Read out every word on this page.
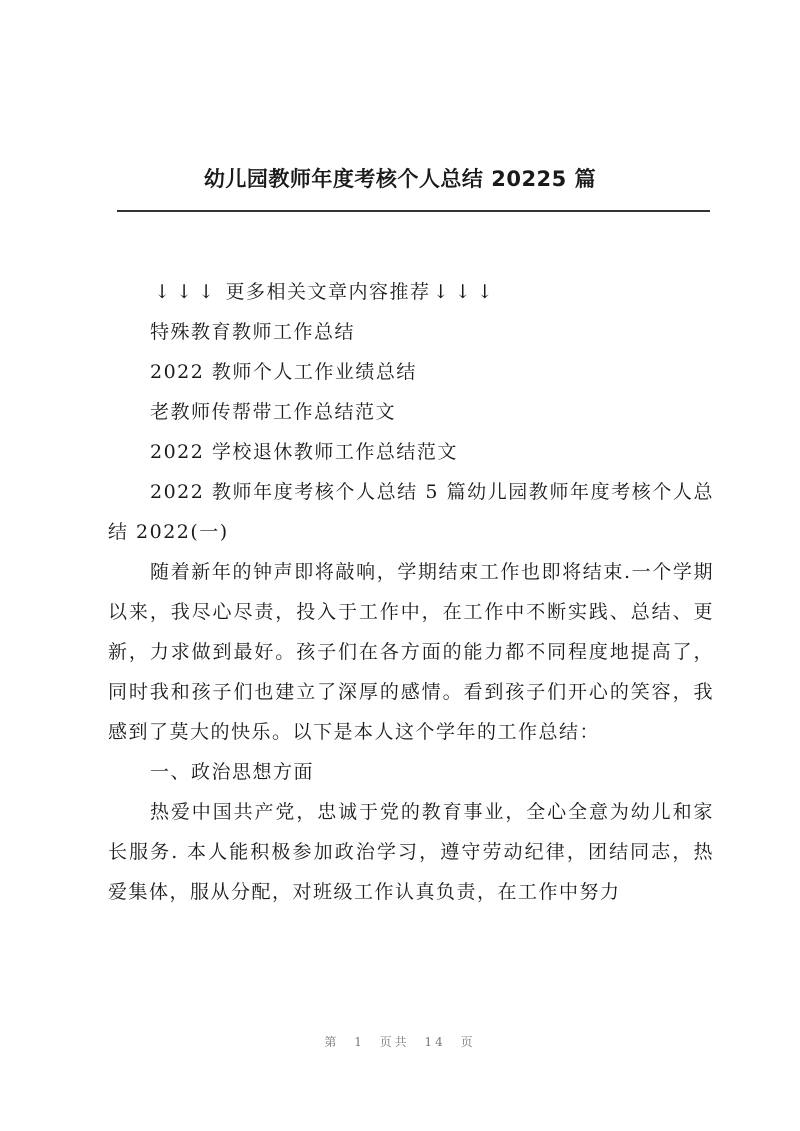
幼儿园教师年度考核个人总结 20225 篇

↓ ↓ ↓ 更多相关文章内容推荐 ↓ ↓ ↓

特殊教育教师工作总结

2022 教师个人工作业绩总结

老教师传帮带工作总结范文

2022 学校退休教师工作总结范文

2022 教师年度考核个人总结 5 篇幼儿园教师年度考核个人总结 2022(一)

随着新年的钟声即将敲响，学期结束工作也即将结束.一个学期以来，我尽心尽责，投入于工作中，在工作中不断实践、总结、更新，力求做到最好。孩子们在各方面的能力都不同程度地提高了，同时我和孩子们也建立了深厚的感情。看到孩子们开心的笑容，我感到了莫大的快乐。以下是本人这个学年的工作总结：

一、政治思想方面

热爱中国共产党，忠诚于党的教育事业，全心全意为幼儿和家长服务. 本人能积极参加政治学习，遵守劳动纪律，团结同志，热爱集体，服从分配，对班级工作认真负责，在工作中努力

第 1 页共 14 页
